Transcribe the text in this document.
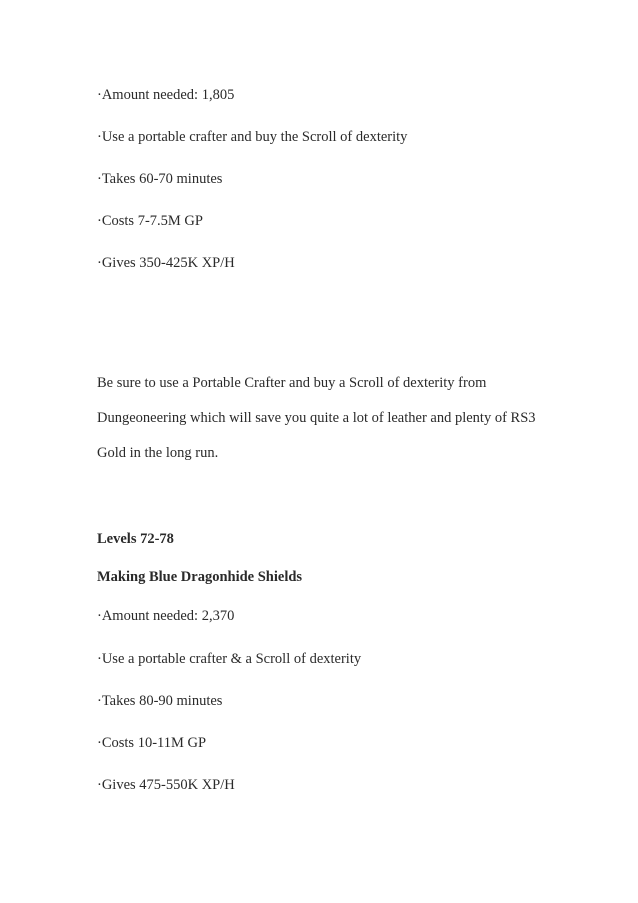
·Amount needed: 1,805

·Use a portable crafter and buy the Scroll of dexterity

·Takes 60-70 minutes

·Costs 7-7.5M GP

·Gives 350-425K XP/H

Be sure to use a Portable Crafter and buy a Scroll of dexterity from

Dungeoneering which will save you quite a lot of leather and plenty of RS3

Gold in the long run.

Levels 72-78

Making Blue Dragonhide Shields

·Amount needed: 2,370

·Use a portable crafter & a Scroll of dexterity

·Takes 80-90 minutes

·Costs 10-11M GP

·Gives 475-550K XP/H
